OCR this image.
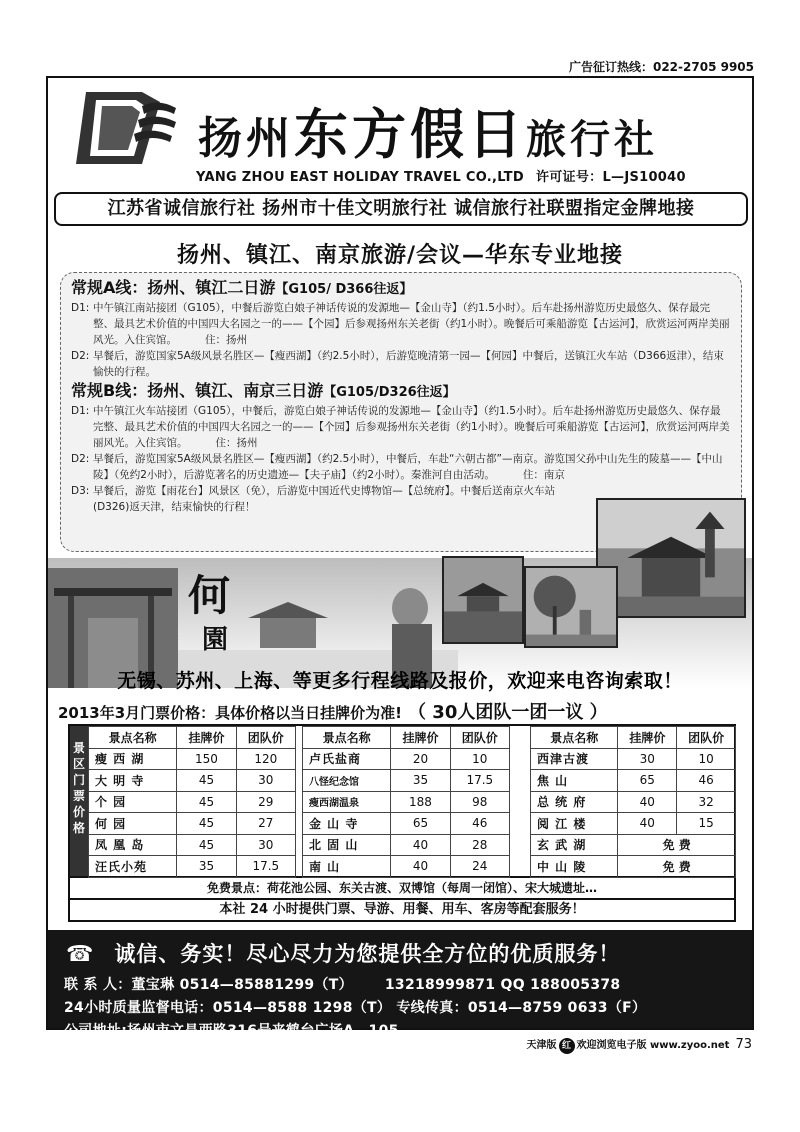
广告征订热线：022-2705 9905
扬州东方假日旅行社
YANG ZHOU EAST HOLIDAY TRAVEL CO.,LTD 许可证号：L—JS10040
江苏省诚信旅行社 扬州市十佳文明旅行社 诚信旅行社联盟指定金牌地接
扬州、镇江、南京旅游/会议—华东专业地接
常规A线：扬州、镇江二日游【G105/ D366往返】
D1: 中午镇江南站接团（G105），中餐后游览白娘子神话传说的发源地—【金山寺】（约1.5小时）。后车赴扬州游览历史最悠久、保存最完整、最具艺术价值的中国四大名园之一的——【个园】后参观扬州东关老街（约1小时）。晚餐后可乘船游览【古运河】，欣赏运河两岸美丽风光。入住宾馆。	住：扬州
D2: 早餐后，游览国家5A级风景名胜区—【瘦西湖】（约2.5小时），后游览晚清第一园—【何园】中餐后，送镇江火车站（D366返津），结束愉快的行程。
常规B线：扬州、镇江、南京三日游【G105/D326往返】
D1: 中午镇江火车站接团（G105），中餐后，游览白娘子神话传说的发源地—【金山寺】（约1.5小时）。后车赴扬州游览历史最悠久、保存最完整、最具艺术价值的中国四大名园之一的——【个园】后参观扬州东关老街（约1小时）。晚餐后可乘船游览【古运河】，欣赏运河两岸美丽风光。入住宾馆。	住：扬州
D2: 早餐后，游览国家5A级风景名胜区—【瘦西湖】（约2.5小时），中餐后，车赴“六朝古都”—南京。游览国父孙中山先生的陵墓——【中山陵】（免约2小时），后游览著名的历史遗迹—【夫子庙】（约2小时）。秦淮河自由活动。	住：南京
D3: 早餐后，游览【雨花台】风景区（免），后游览中国近代史博物馆—【总统府】。中餐后送南京火车站(D326)返天津，结束愉快的行程！
何
園
无锡、苏州、上海、等更多行程线路及报价，欢迎来电咨询索取！
2013年3月门票价格：具体价格以当日挂牌价为准! （ 30人团队一团一议 ）
景区门票价格
景点名称	挂牌价	团队价
瘦 西 湖	150	120
大 明 寺	45	30
个 园	45	29
何 园	45	27
凤 凰 岛	45	30
汪氏小苑	35	17.5
景点名称	挂牌价	团队价
卢氏盐商	20	10
八怪纪念馆	35	17.5
瘦西湖温泉	188	98
金 山 寺	65	46
北 固 山	40	28
南 山	40	24
景点名称	挂牌价	团队价
西津古渡	30	10
焦 山	65	46
总 统 府	40	32
阅 江 楼	40	15
玄 武 湖	免 费	
中 山 陵	免 费	
免费景点：荷花池公园、东关古渡、双博馆（每周一闭馆）、宋大城遗址…
本社 24 小时提供门票、导游、用餐、用车、客房等配套服务！
☎ 诚信、务实！尽心尽力为您提供全方位的优质服务！
联 系 人：董宝琳 0514—85881299（T） 13218999871 QQ 188005378
24小时质量监督电话：0514—8588 1298（T） 专线传真：0514—8759 0633（F）
公司地址:扬州市文昌西路316号来鹤台广场A—105
天津版 红 欢迎浏览电子版 www.zyoo.net 73
